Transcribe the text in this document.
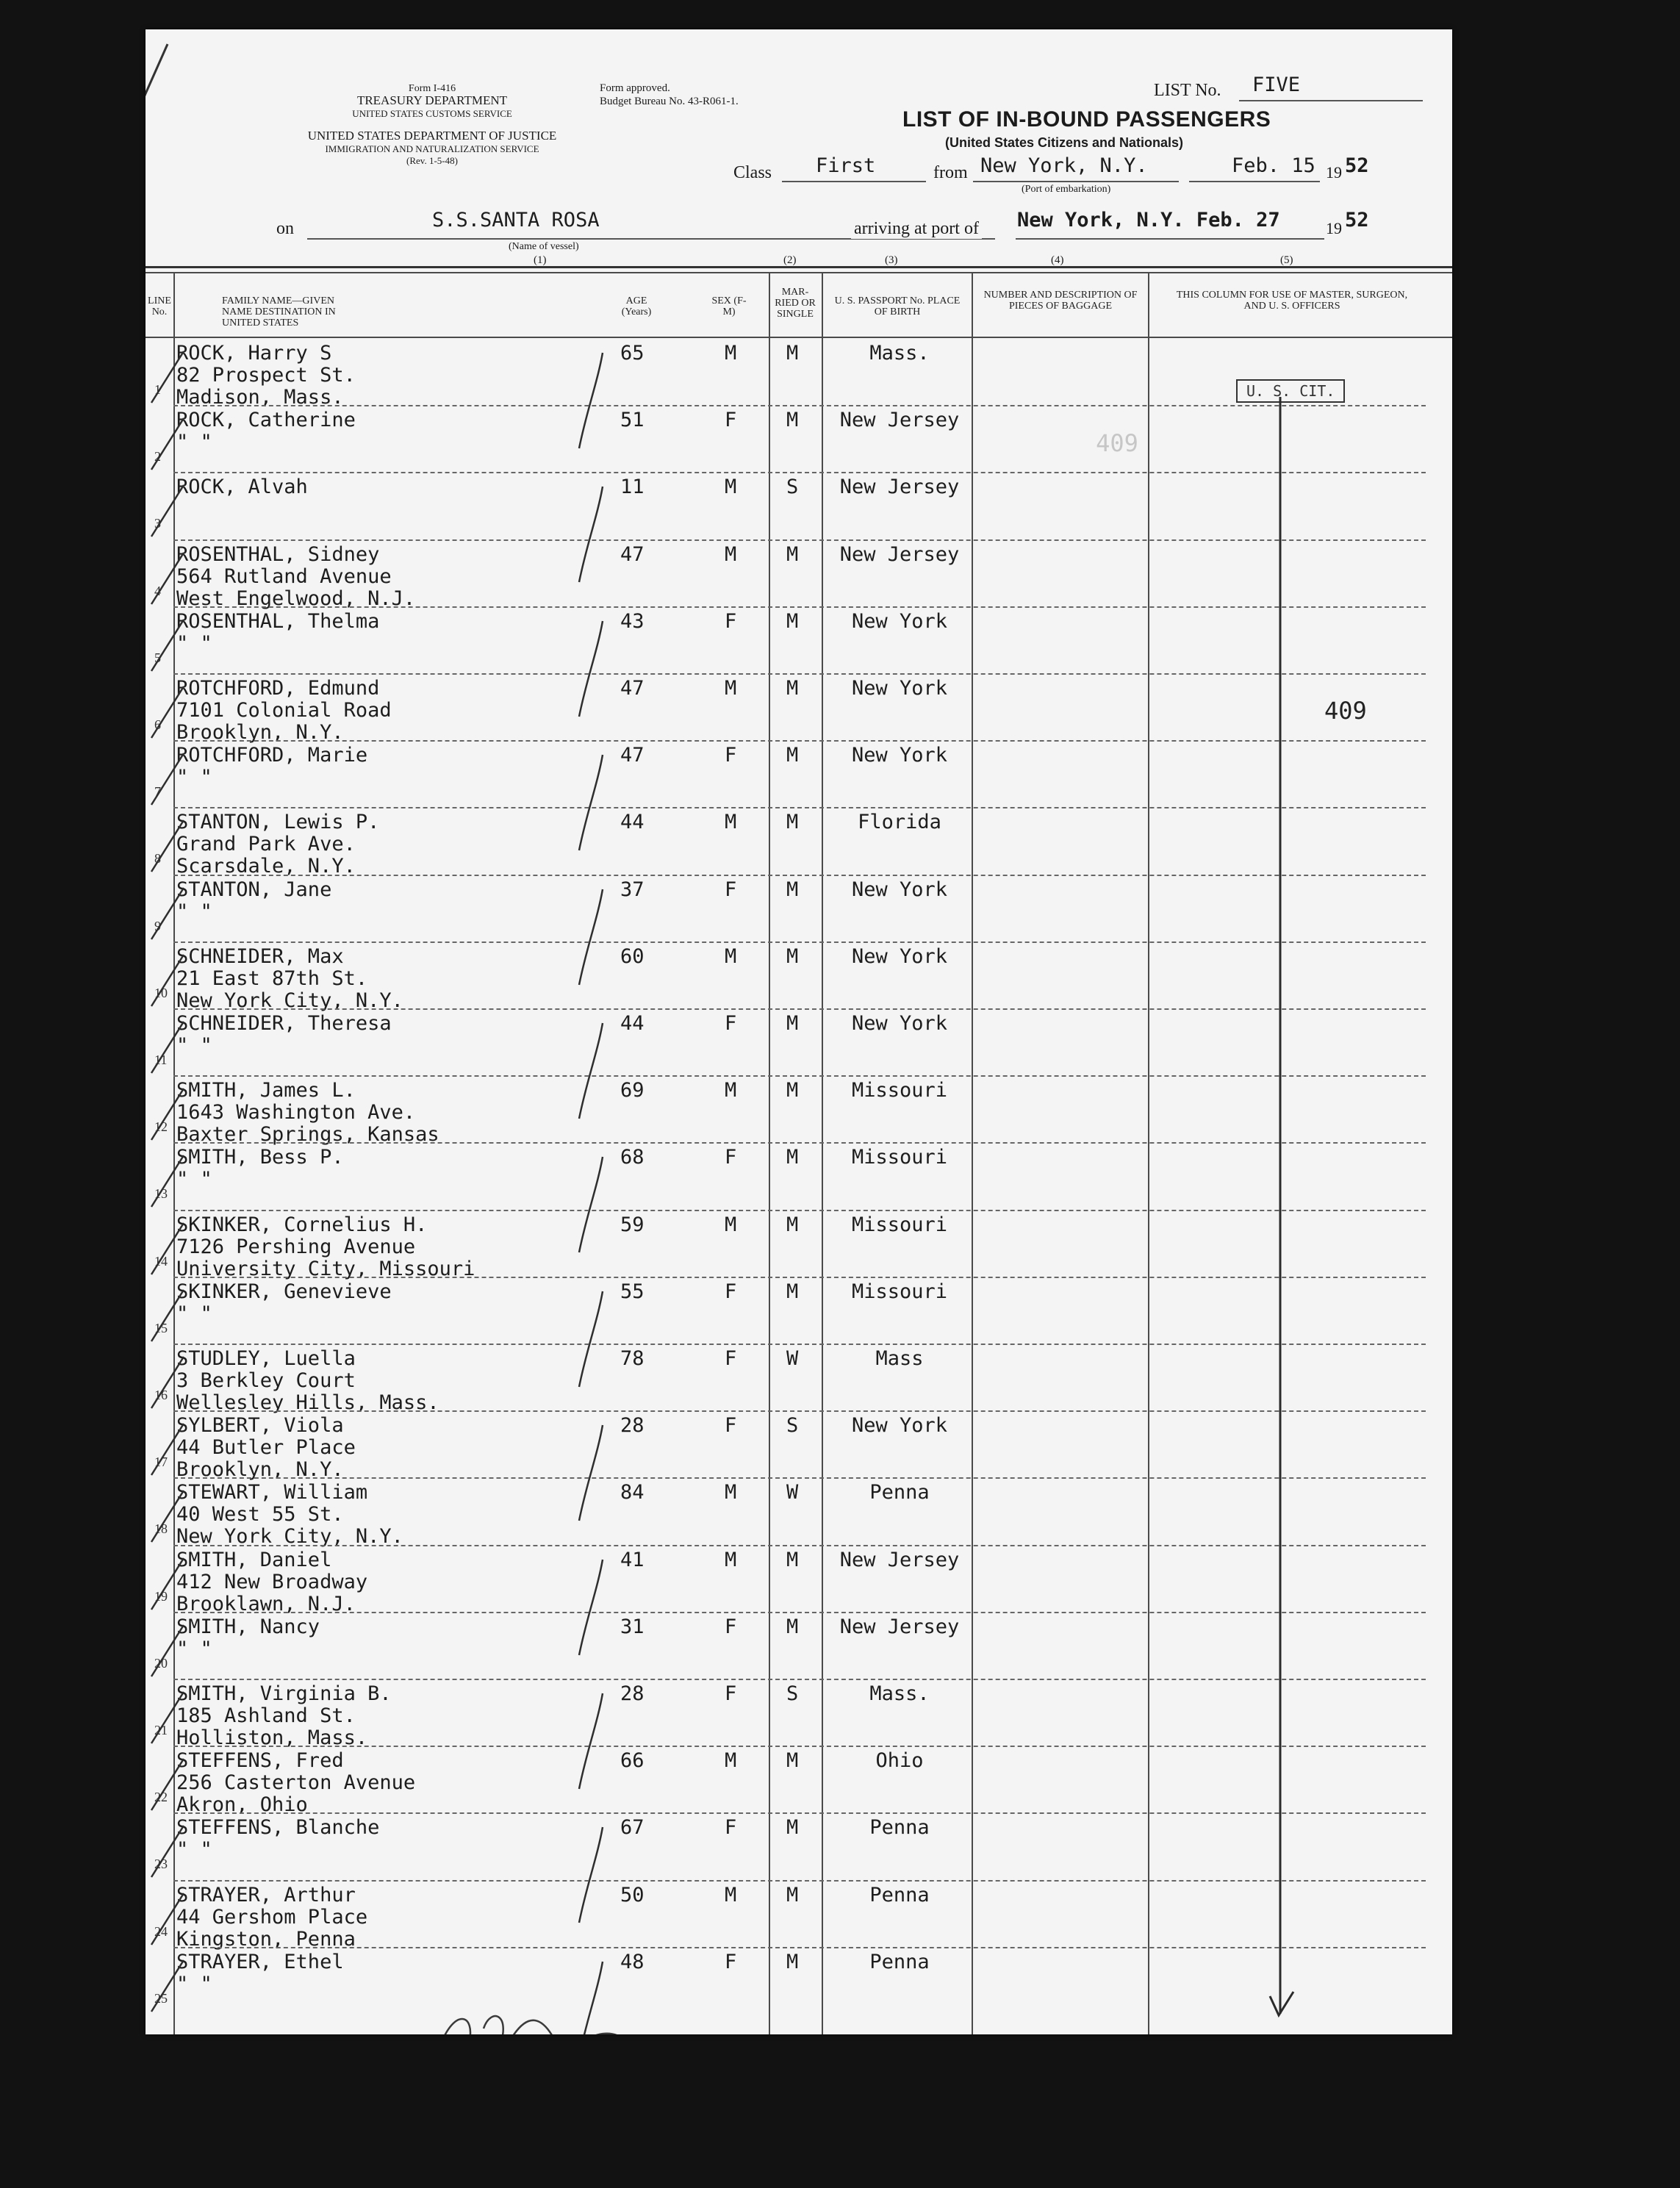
Form I-416
TREASURY DEPARTMENT
UNITED STATES CUSTOMS SERVICE
UNITED STATES DEPARTMENT OF JUSTICE
IMMIGRATION AND NATURALIZATION SERVICE
(Rev. 1-5-48)
Form approved.
Budget Bureau No. 43-R061-1.
LIST No. FIVE
LIST OF IN-BOUND PASSENGERS
(United States Citizens and Nationals)
Class First	from New York, N.Y.
(Port of embarkation)
Feb. 15 19 52
on	S.S.SANTA ROSA
(Name of vessel)
arriving at port of New York, N.Y. Feb. 27	19 52
(1)	(2)	(3)	(4)	(5)
LINE No.
FAMILY NAME—GIVEN NAME DESTINATION IN UNITED STATES
AGE (Years)
SEX (F-M)
MAR- RIED OR SINGLE
U. S. PASSPORT No. PLACE OF BIRTH
NUMBER AND DESCRIPTION OF PIECES OF BAGGAGE
THIS COLUMN FOR USE OF MASTER, SURGEON, AND U. S. OFFICERS
1
ROCK, Harry S
82 Prospect St.
Madison, Mass.
65	M	M	Mass.
2
ROCK, Catherine
" "
51	F	M	New Jersey
3
ROCK, Alvah	11	M	S	New Jersey
4
ROSENTHAL, Sidney
564 Rutland Avenue
West Engelwood, N.J.
47	M	M	New Jersey
5
ROSENTHAL, Thelma
" "
43	F	M	New York
6
ROTCHFORD, Edmund
7101 Colonial Road
Brooklyn, N.Y.
47	M	M	New York
7
ROTCHFORD, Marie
" "
47	F	M	New York
8
STANTON, Lewis P.
Grand Park Ave.
Scarsdale, N.Y.
44	M	M	Florida
9
STANTON, Jane
" "
37	F	M	New York
10
SCHNEIDER, Max
21 East 87th St.
New York City, N.Y.
60	M	M	New York
11
SCHNEIDER, Theresa
" "
44	F	M	New York
12
SMITH, James L.
1643 Washington Ave.
Baxter Springs, Kansas
69	M	M	Missouri
13
SMITH, Bess P.
" "
68	F	M	Missouri
14
SKINKER, Cornelius H.
7126 Pershing Avenue
University City, Missouri
59	M	M	Missouri
15
SKINKER, Genevieve
" "
55	F	M	Missouri
16
STUDLEY, Luella
3 Berkley Court
Wellesley Hills, Mass.
78	F	W	Mass
17
SYLBERT, Viola
44 Butler Place
Brooklyn, N.Y.
28	F	S	New York
18
STEWART, William
40 West 55 St.
New York City, N.Y.
84	M	W	Penna
19
SMITH, Daniel
412 New Broadway
Brooklawn, N.J.
41	M	M	New Jersey
20
SMITH, Nancy
" "
31	F	M	New Jersey
21
SMITH, Virginia B.
185 Ashland St.
Holliston, Mass.
28	F	S	Mass.
22
STEFFENS, Fred
256 Casterton Avenue
Akron, Ohio
66	M	M	Ohio
23
STEFFENS, Blanche
" "
67	F	M	Penna
24
STRAYER, Arthur
44 Gershom Place
Kingston, Penna
50	M	M	Penna
25
STRAYER, Ethel
" "
48	F	M	Penna
U. S. CIT.
409
409
